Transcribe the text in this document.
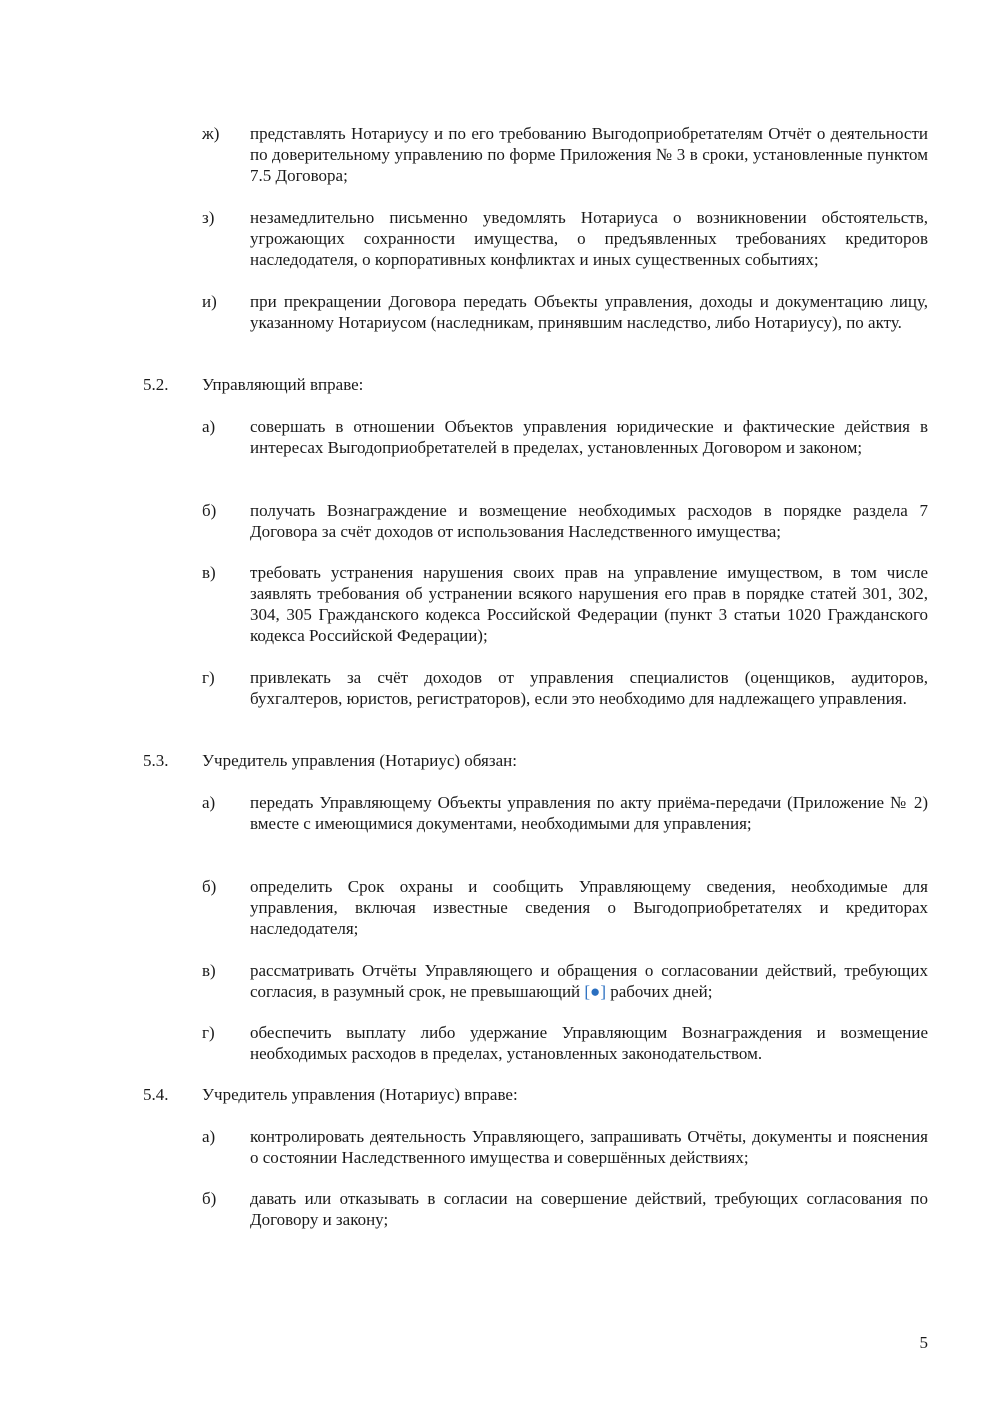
ж) представлять Нотариусу и по его требованию Выгодоприобретателям Отчёт о деятельности по доверительному управлению по форме Приложения № 3 в сроки, установленные пунктом 7.5 Договора;
з) незамедлительно письменно уведомлять Нотариуса о возникновении обстоятельств, угрожающих сохранности имущества, о предъявленных требованиях кредиторов наследодателя, о корпоративных конфликтах и иных существенных событиях;
и) при прекращении Договора передать Объекты управления, доходы и документацию лицу, указанному Нотариусом (наследникам, принявшим наследство, либо Нотариусу), по акту.
5.2. Управляющий вправе:
а) совершать в отношении Объектов управления юридические и фактические действия в интересах Выгодоприобретателей в пределах, установленных Договором и законом;
б) получать Вознаграждение и возмещение необходимых расходов в порядке раздела 7 Договора за счёт доходов от использования Наследственного имущества;
в) требовать устранения нарушения своих прав на управление имуществом, в том числе заявлять требования об устранении всякого нарушения его прав в порядке статей 301, 302, 304, 305 Гражданского кодекса Российской Федерации (пункт 3 статьи 1020 Гражданского кодекса Российской Федерации);
г) привлекать за счёт доходов от управления специалистов (оценщиков, аудиторов, бухгалтеров, юристов, регистраторов), если это необходимо для надлежащего управления.
5.3. Учредитель управления (Нотариус) обязан:
а) передать Управляющему Объекты управления по акту приёма-передачи (Приложение № 2) вместе с имеющимися документами, необходимыми для управления;
б) определить Срок охраны и сообщить Управляющему сведения, необходимые для управления, включая известные сведения о Выгодоприобретателях и кредиторах наследодателя;
в) рассматривать Отчёты Управляющего и обращения о согласовании действий, требующих согласия, в разумный срок, не превышающий [●] рабочих дней;
г) обеспечить выплату либо удержание Управляющим Вознаграждения и возмещение необходимых расходов в пределах, установленных законодательством.
5.4. Учредитель управления (Нотариус) вправе:
а) контролировать деятельность Управляющего, запрашивать Отчёты, документы и пояснения о состоянии Наследственного имущества и совершённых действиях;
б) давать или отказывать в согласии на совершение действий, требующих согласования по Договору и закону;
5
